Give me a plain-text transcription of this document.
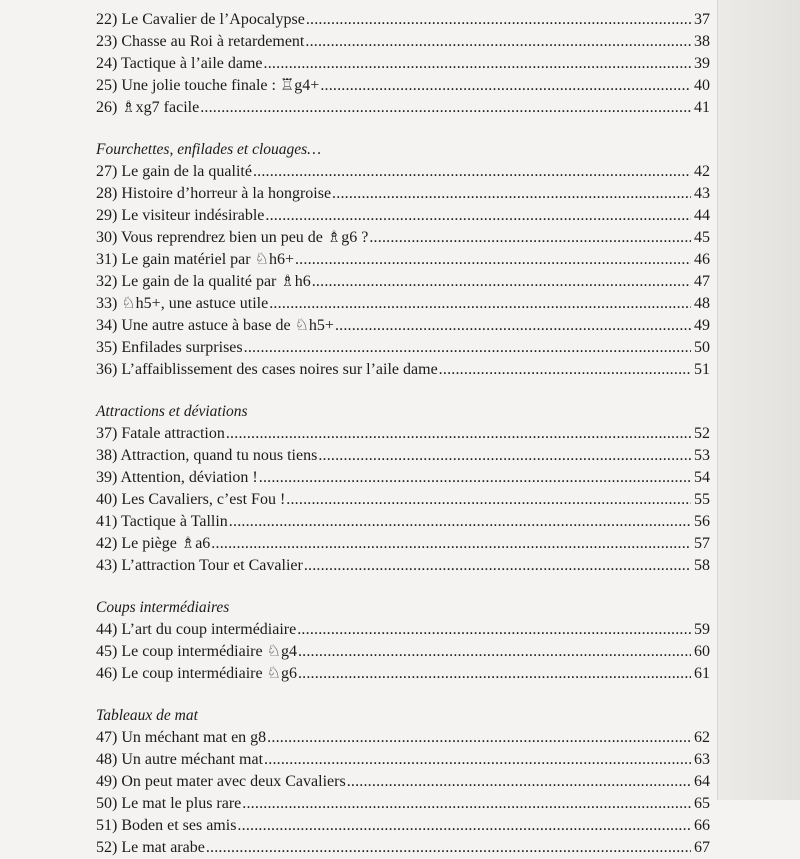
22) Le Cavalier de l’Apocalypse .....	37
23) Chasse au Roi à retardement .....	38
24) Tactique à l’aile dame .....	39
25) Une jolie touche finale : ♖g4+ .....	40
26) ♗xg7 facile .....	41
Fourchettes, enfilades et clouages…
27) Le gain de la qualité .....	42
28) Histoire d’horreur à la hongroise .....	43
29) Le visiteur indésirable .....	44
30) Vous reprendrez bien un peu de ♗g6 ? .....	45
31) Le gain matériel par ♘h6+ .....	46
32) Le gain de la qualité par ♗h6 .....	47
33) ♘h5+, une astuce utile .....	48
34) Une autre astuce à base de ♘h5+ .....	49
35) Enfilades surprises .....	50
36) L’affaiblissement des cases noires sur l’aile dame .....	51
Attractions et déviations
37) Fatale attraction .....	52
38) Attraction, quand tu nous tiens .....	53
39) Attention, déviation ! .....	54
40) Les Cavaliers, c’est Fou ! .....	55
41) Tactique à Tallin .....	56
42) Le piège ♗a6 .....	57
43) L’attraction Tour et Cavalier .....	58
Coups intermédiaires
44) L’art du coup intermédiaire .....	59
45) Le coup intermédiaire ♘g4 .....	60
46) Le coup intermédiaire ♘g6 .....	61
Tableaux de mat
47) Un méchant mat en g8 .....	62
48) Un autre méchant mat .....	63
49) On peut mater avec deux Cavaliers .....	64
50) Le mat le plus rare .....	65
51) Boden et ses amis .....	66
52) Le mat arabe .....	67
